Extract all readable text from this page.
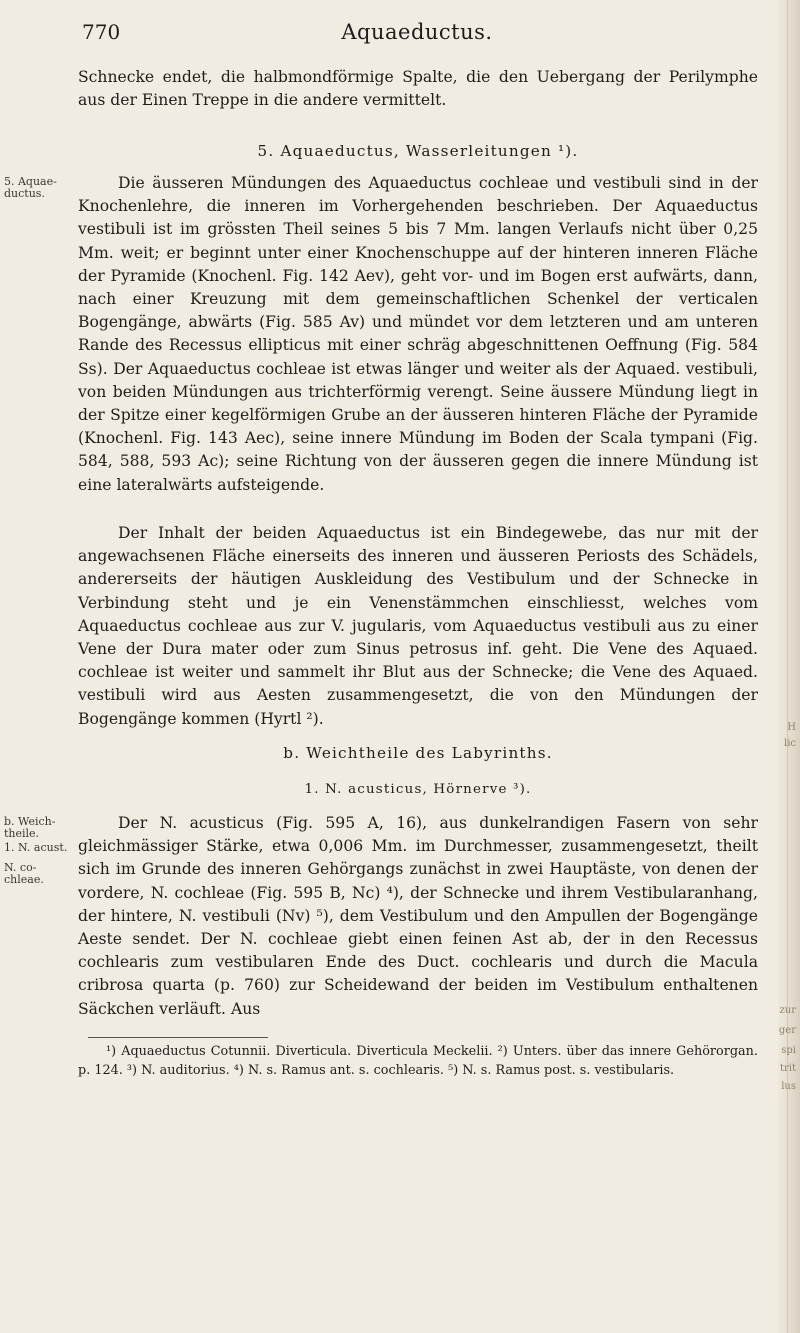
770	Aquaeductus.
Schnecke endet, die halbmondförmige Spalte, die den Uebergang der Perilymphe aus der Einen Treppe in die andere vermittelt.
5. Aquaeductus, Wasserleitungen ¹).
5. Aquae-ductus.
Die äusseren Mündungen des Aquaeductus cochleae und vestibuli sind in der Knochenlehre, die inneren im Vorhergehenden beschrieben. Der Aquaeductus vestibuli ist im grössten Theil seines 5 bis 7 Mm. langen Verlaufs nicht über 0,25 Mm. weit; er beginnt unter einer Knochenschuppe auf der hinteren inneren Fläche der Pyramide (Knochenl. Fig. 142 Aev), geht vor- und im Bogen erst aufwärts, dann, nach einer Kreuzung mit dem gemeinschaftlichen Schenkel der verticalen Bogengänge, abwärts (Fig. 585 Av) und mündet vor dem letzteren und am unteren Rande des Recessus ellipticus mit einer schräg abgeschnittenen Oeffnung (Fig. 584 Ss). Der Aquaeductus cochleae ist etwas länger und weiter als der Aquaed. vestibuli, von beiden Mündungen aus trichterförmig verengt. Seine äussere Mündung liegt in der Spitze einer kegelförmigen Grube an der äusseren hinteren Fläche der Pyramide (Knochenl. Fig. 143 Aec), seine innere Mündung im Boden der Scala tympani (Fig. 584, 588, 593 Ac); seine Richtung von der äusseren gegen die innere Mündung ist eine lateralwärts aufsteigende.
Der Inhalt der beiden Aquaeductus ist ein Bindegewebe, das nur mit der angewachsenen Fläche einerseits des inneren und äusseren Periosts des Schädels, andererseits der häutigen Auskleidung des Vestibulum und der Schnecke in Verbindung steht und je ein Venenstämmchen einschliesst, welches vom Aquaeductus cochleae aus zur V. jugularis, vom Aquaeductus vestibuli aus zu einer Vene der Dura mater oder zum Sinus petrosus inf. geht. Die Vene des Aquaed. cochleae ist weiter und sammelt ihr Blut aus der Schnecke; die Vene des Aquaed. vestibuli wird aus Aesten zusammengesetzt, die von den Mündungen der Bogengänge kommen (Hyrtl ²).
b. Weichtheile des Labyrinths.
1. N. acusticus, Hörnerve ³).
b. Weich-theile.
1. N. acust.
N. co-chleae.
Der N. acusticus (Fig. 595 A, 16), aus dunkelrandigen Fasern von sehr gleichmässiger Stärke, etwa 0,006 Mm. im Durchmesser, zusammengesetzt, theilt sich im Grunde des inneren Gehörgangs zunächst in zwei Hauptäste, von denen der vordere, N. cochleae (Fig. 595 B, Nc) ⁴), der Schnecke und ihrem Vestibularanhang, der hintere, N. vestibuli (Nv) ⁵), dem Vestibulum und den Ampullen der Bogengänge Aeste sendet. Der N. cochleae giebt einen feinen Ast ab, der in den Recessus cochlearis zum vestibularen Ende des Duct. cochlearis und durch die Macula cribrosa quarta (p. 760) zur Scheidewand der beiden im Vestibulum enthaltenen Säckchen verläuft. Aus
¹) Aquaeductus Cotunnii. Diverticula. Diverticula Meckelii. ²) Unters. über das innere Gehörorgan. p. 124. ³) N. auditorius. ⁴) N. s. Ramus ant. s. cochlearis. ⁵) N. s. Ramus post. s. vestibularis.
H
lic
zur
ger
spi
trit
lus
